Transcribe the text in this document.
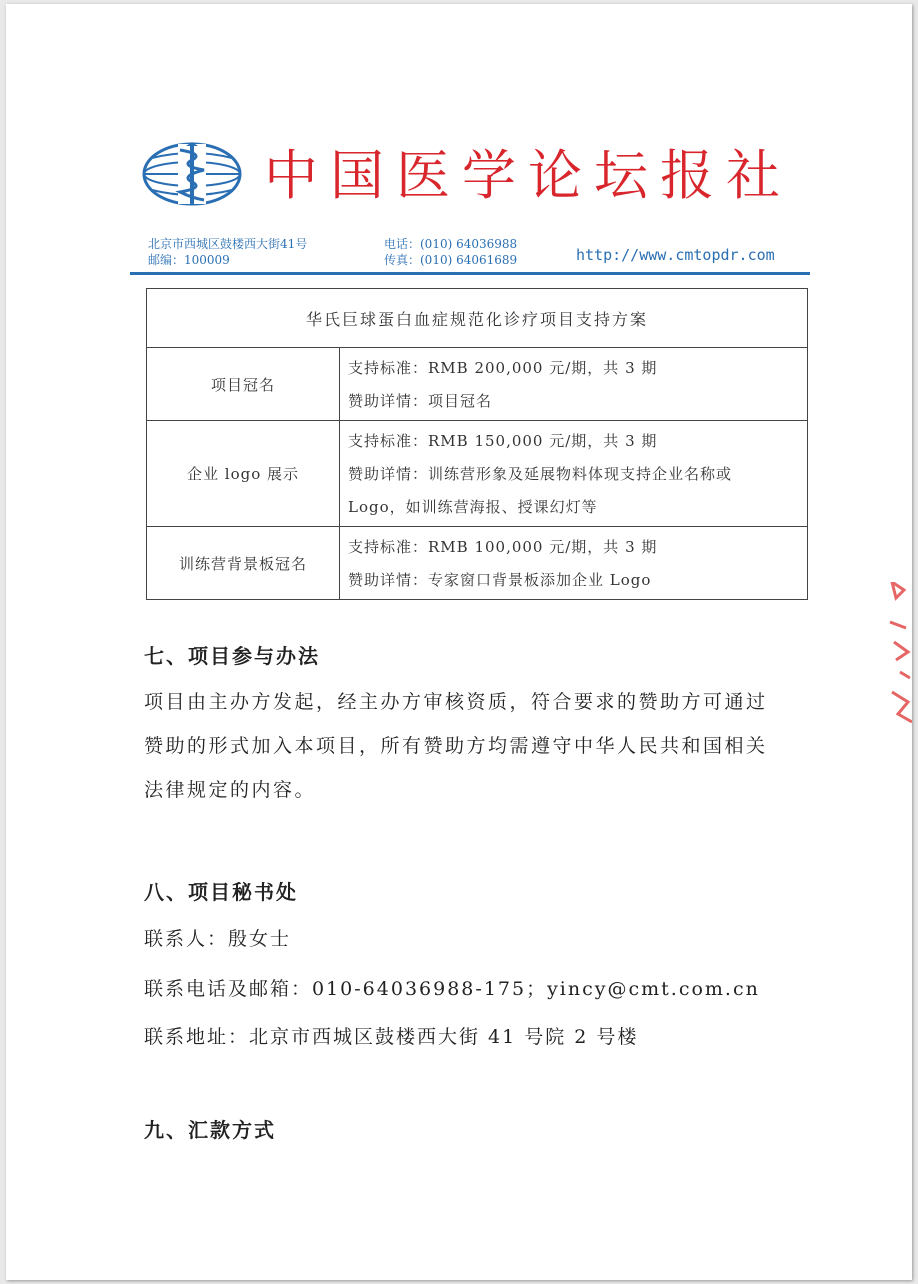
中国医学论坛报社
北京市西城区鼓楼西大街41号
邮编：100009
电话：(010) 64036988
传真：(010) 64061689	http://www.cmtopdr.com
华氏巨球蛋白血症规范化诊疗项目支持方案	
项目冠名	支持标准：RMB 200,000 元/期，共 3 期
赞助详情：项目冠名

企业 logo 展示	支持标准：RMB 150,000 元/期，共 3 期
赞助详情：训练营形象及延展物料体现支持企业名称或
Logo，如训练营海报、授课幻灯等

训练营背景板冠名	支持标准：RMB 100,000 元/期，共 3 期
赞助详情：专家窗口背景板添加企业 Logo
七、项目参与办法
项目由主办方发起，经主办方审核资质，符合要求的赞助方可通过赞助的形式加入本项目，所有赞助方均需遵守中华人民共和国相关法律规定的内容。
八、项目秘书处
联系人：殷女士
联系电话及邮箱：010-64036988-175；yincy@cmt.com.cn
联系地址：北京市西城区鼓楼西大街 41 号院 2 号楼
九、汇款方式
